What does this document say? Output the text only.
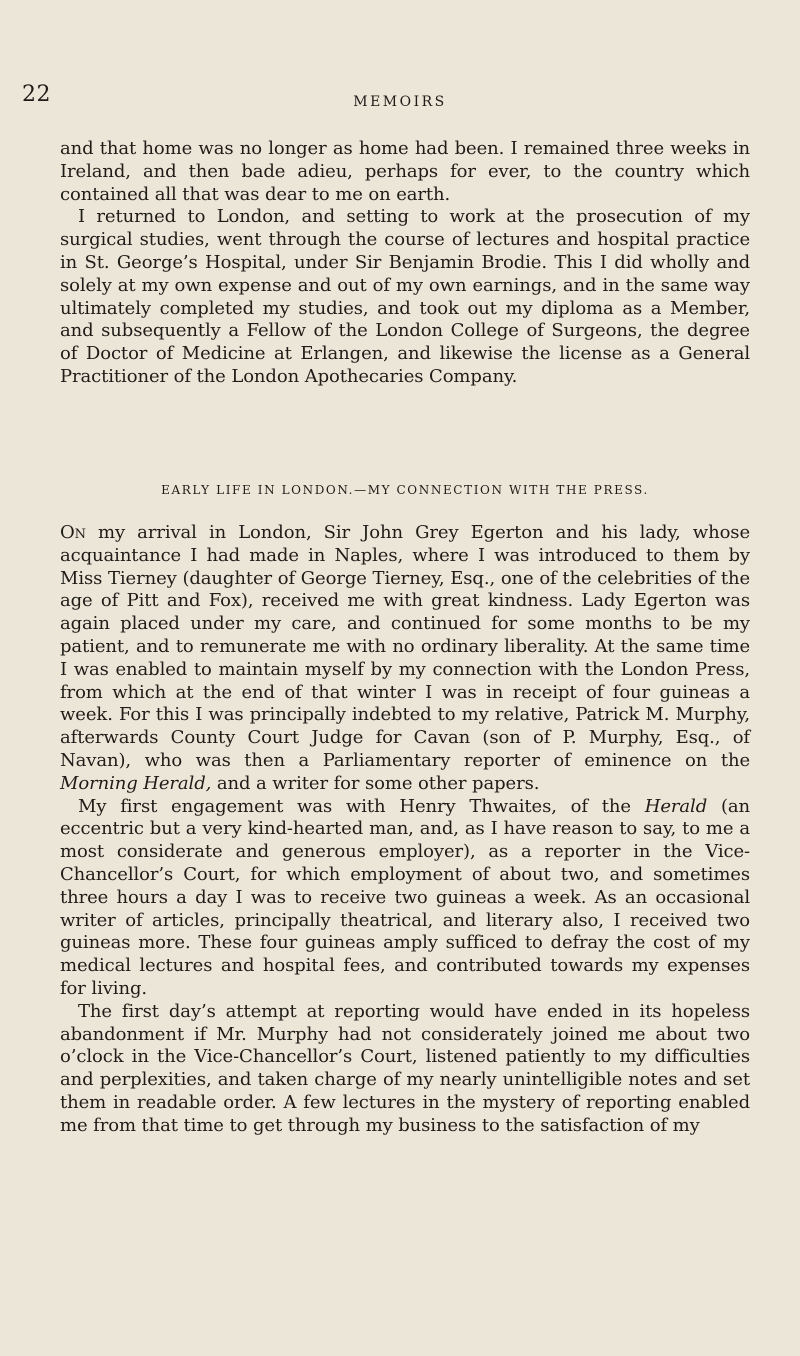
22	MEMOIRS

and that home was no longer as home had been. I remained three weeks in Ireland, and then bade adieu, perhaps for ever, to the country which contained all that was dear to me on earth.

I returned to London, and setting to work at the prosecution of my surgical studies, went through the course of lectures and hospital practice in St. George’s Hospital, under Sir Benjamin Brodie. This I did wholly and solely at my own expense and out of my own earnings, and in the same way ultimately completed my studies, and took out my diploma as a Member, and subsequently a Fellow of the London College of Surgeons, the degree of Doctor of Medicine at Erlangen, and likewise the license as a General Practitioner of the London Apothecaries Company.

EARLY LIFE IN LONDON.—MY CONNECTION WITH THE PRESS.

On my arrival in London, Sir John Grey Egerton and his lady, whose acquaintance I had made in Naples, where I was introduced to them by Miss Tierney (daughter of George Tierney, Esq., one of the celebrities of the age of Pitt and Fox), received me with great kindness. Lady Egerton was again placed under my care, and continued for some months to be my patient, and to remunerate me with no ordinary liberality. At the same time I was enabled to maintain myself by my connection with the London Press, from which at the end of that winter I was in receipt of four guineas a week. For this I was principally indebted to my relative, Patrick M. Murphy, afterwards County Court Judge for Cavan (son of P. Murphy, Esq., of Navan), who was then a Parliamentary reporter of eminence on the Morning Herald, and a writer for some other papers.

My first engagement was with Henry Thwaites, of the Herald (an eccentric but a very kind-hearted man, and, as I have reason to say, to me a most considerate and generous employer), as a reporter in the Vice-Chancellor’s Court, for which employment of about two, and sometimes three hours a day I was to receive two guineas a week. As an occasional writer of articles, principally theatrical, and literary also, I received two guineas more. These four guineas amply sufficed to defray the cost of my medical lectures and hospital fees, and contributed towards my expenses for living.

The first day’s attempt at reporting would have ended in its hopeless abandonment if Mr. Murphy had not considerately joined me about two o’clock in the Vice-Chancellor’s Court, listened patiently to my difficulties and perplexities, and taken charge of my nearly unintelligible notes and set them in readable order. A few lectures in the mystery of reporting enabled me from that time to get through my business to the satisfaction of my
